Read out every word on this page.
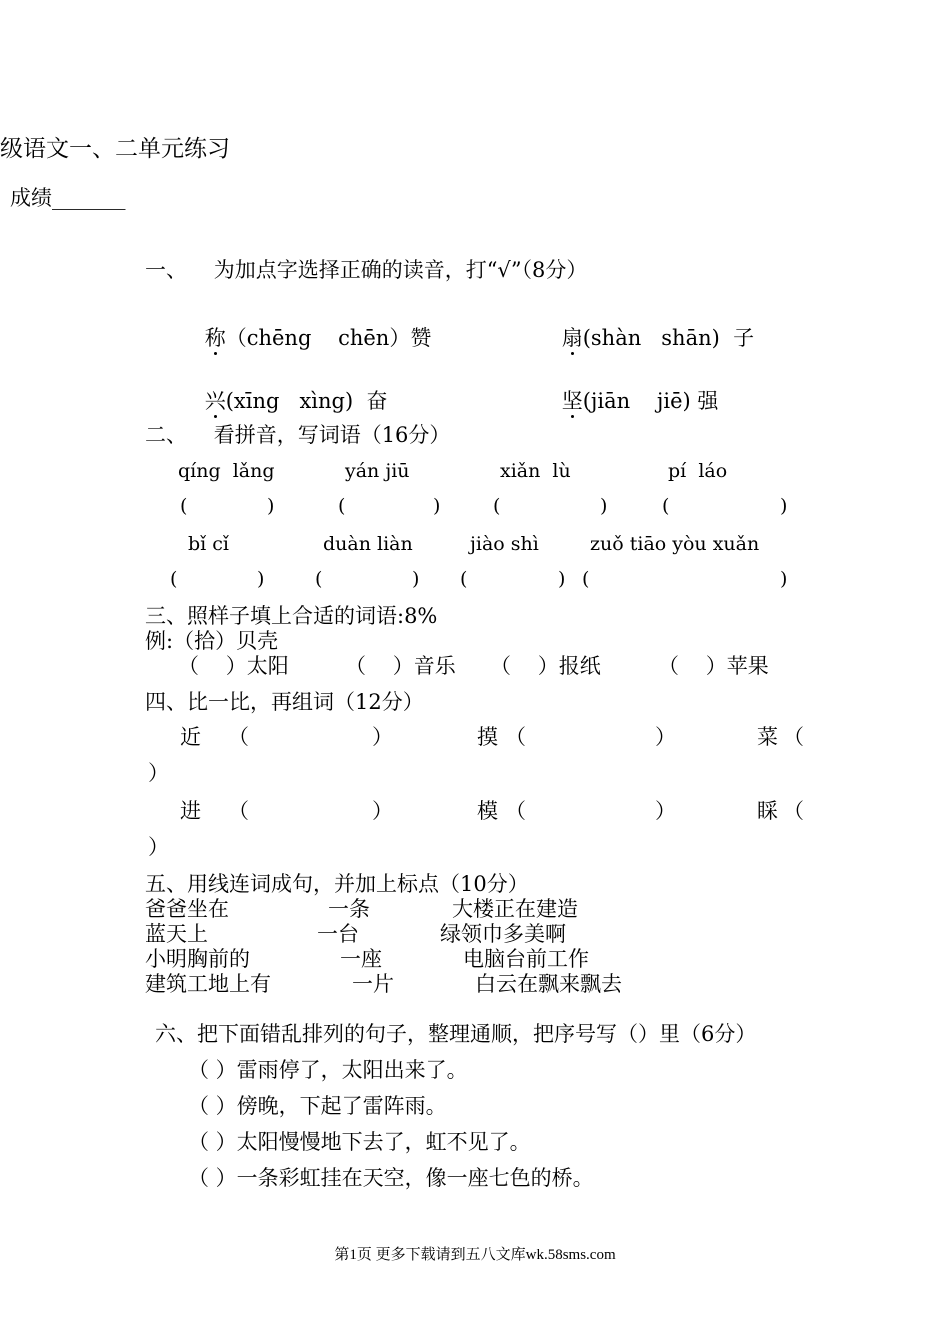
级语文一、二单元练习
成绩_______
一、    为加点字选择正确的读音，打“√”（8分）

称（chēng    chēn）赞
	扇(shàn   shān)  子

兴(xīng   xìng)  奋
	坚(jiān    jiē) 强

二、    看拼音，写词语（16分）
qíng  lǎng	yán jiū	xiǎn  lù	pí  láo
(	)	(	)	(	)	(	)
bǐ cǐ	duàn liàn	jiào shì	zuǒ tiāo yòu xuǎn
(	)	(	) (	) (	)
三、照样子填上合适的词语:8%
例:（拾）贝壳
（    ）太阳	（    ）音乐 （    ）报纸	（    ）苹果
四、比一比，再组词（12分）
近 （	）	摸 （	）	菜 （
）
进 （	）	模 （	）	睬 （
）
五、用线连词成句，并加上标点（10分）
爸爸坐在	一条	大楼正在建造
蓝天上	一台	绿领巾多美啊
小明胸前的	一座	电脑台前工作
建筑工地上有	一片	白云在飘来飘去
六、把下面错乱排列的句子，整理通顺，把序号写（）里（6分）
（ ）雷雨停了，太阳出来了。
（ ）傍晚，下起了雷阵雨。
（ ）太阳慢慢地下去了，虹不见了。
（ ）一条彩虹挂在天空，像一座七色的桥。
第1页 更多下载请到五八文库wk.58sms.com
